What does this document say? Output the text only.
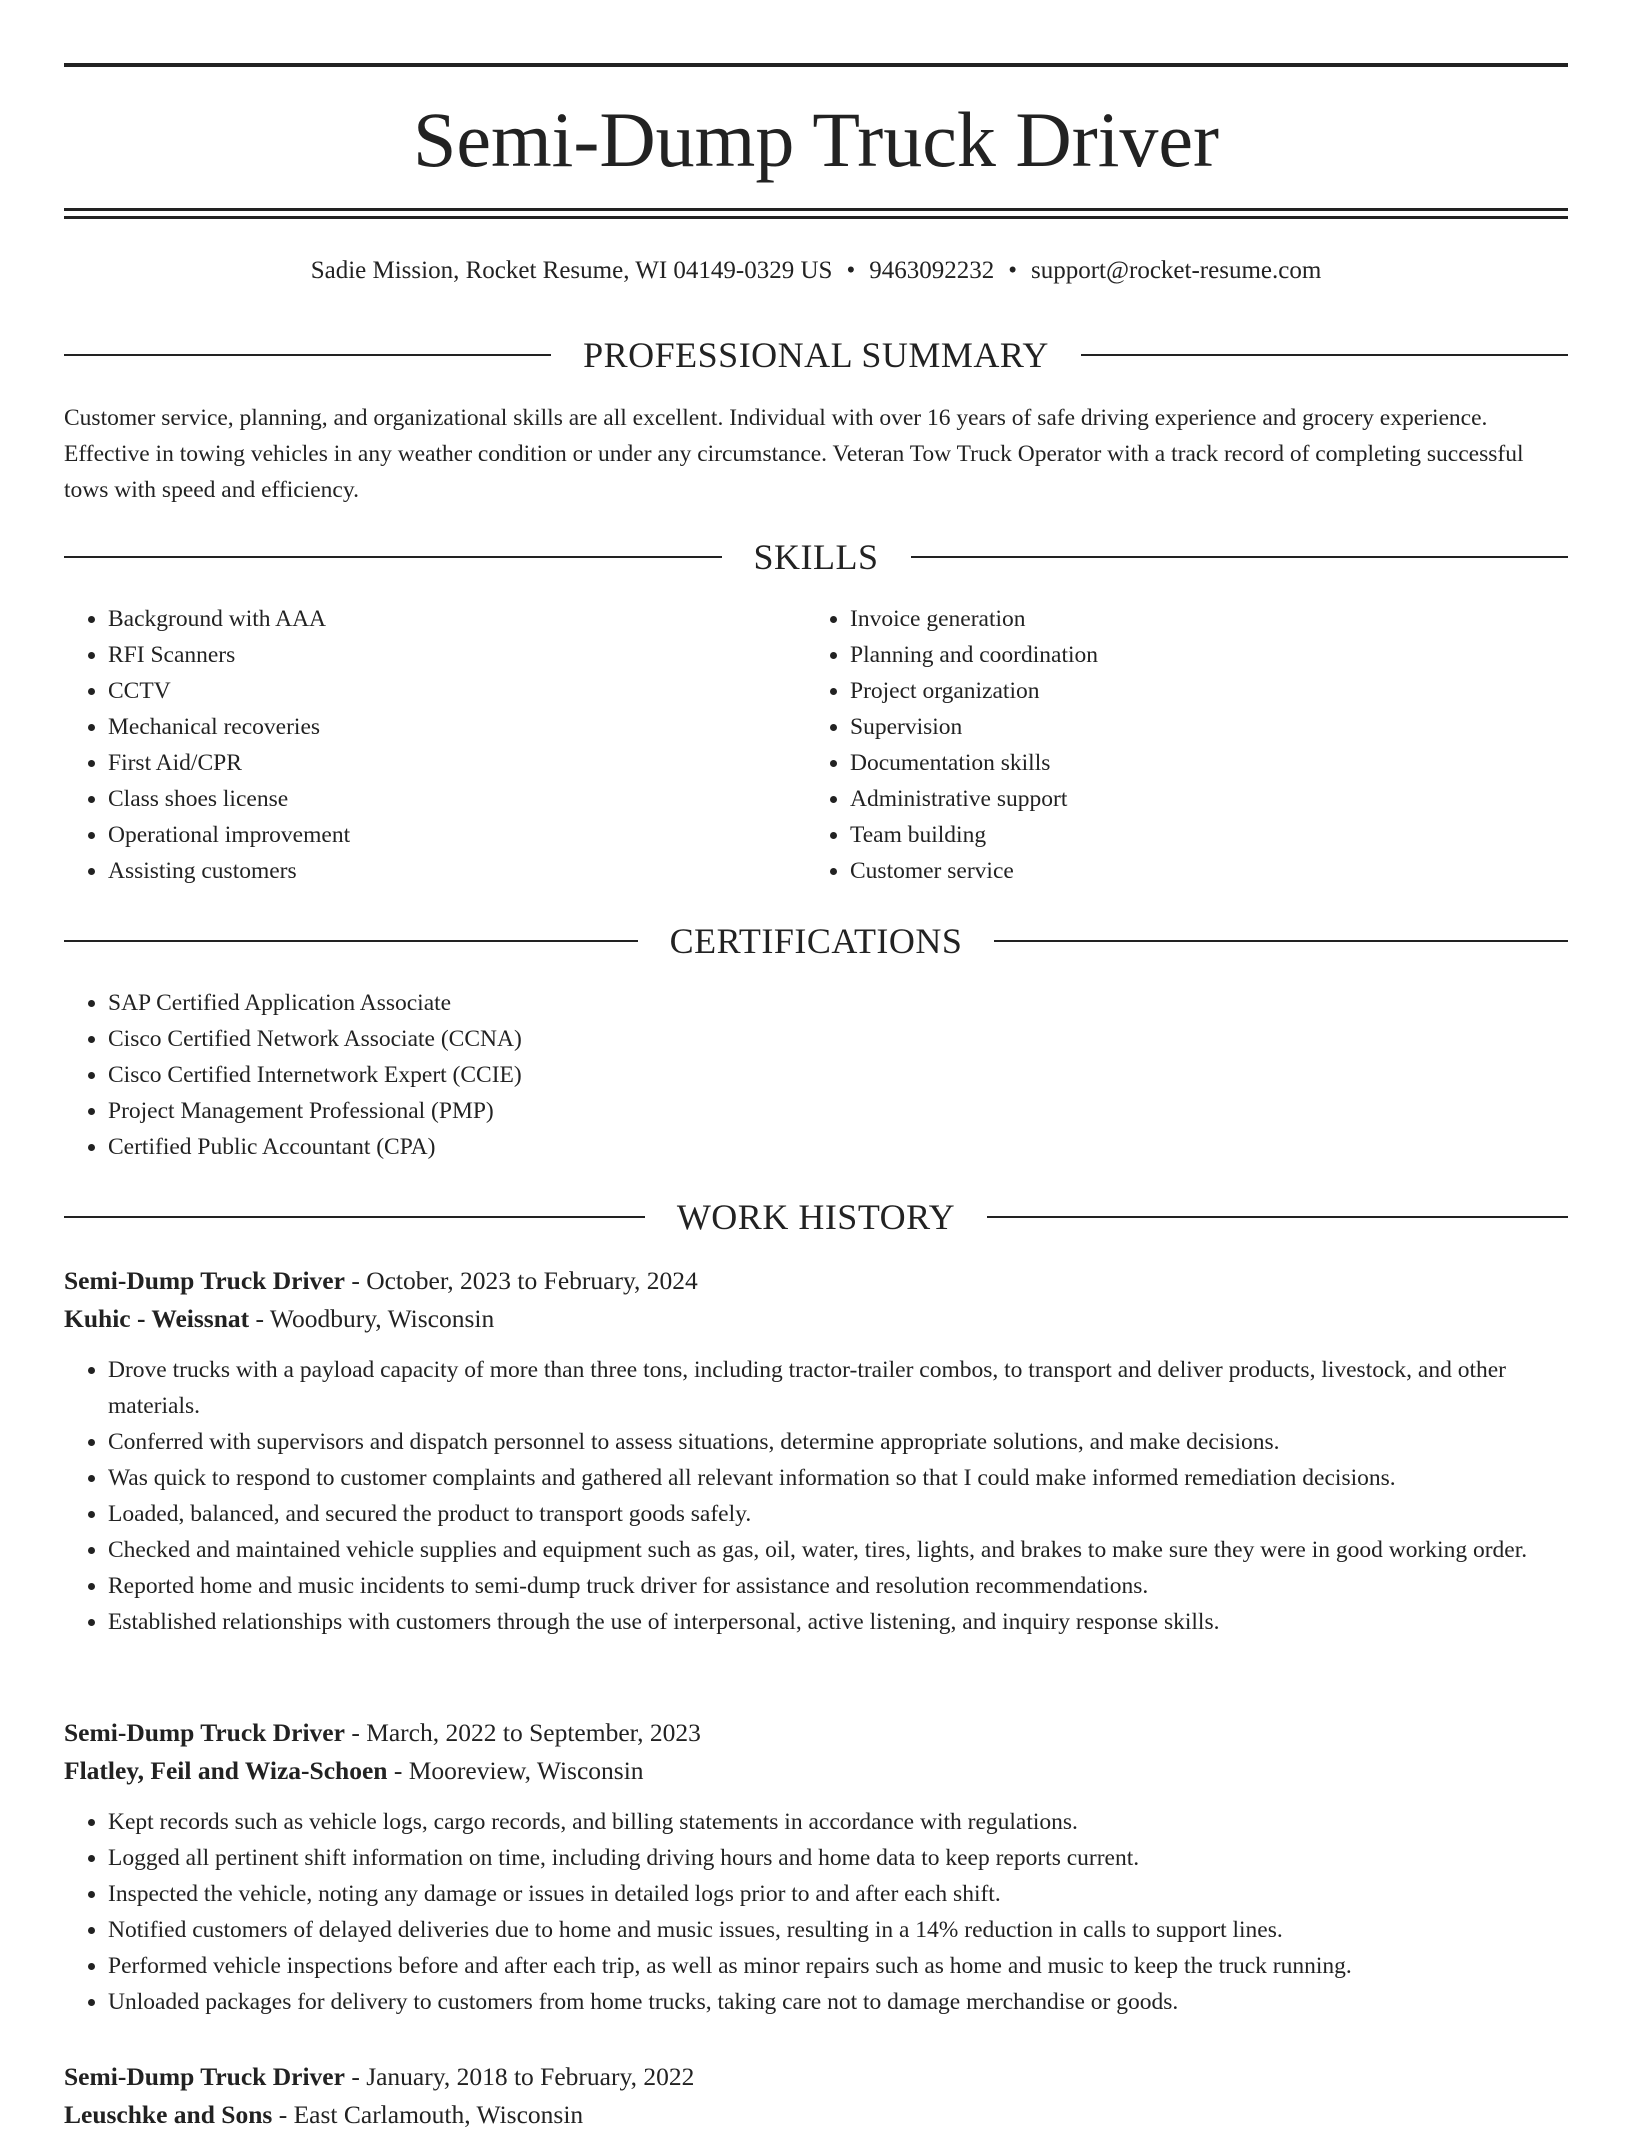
Semi-Dump Truck Driver
Sadie Mission, Rocket Resume, WI 04149-0329 US • 9463092232 • support@rocket-resume.com
PROFESSIONAL SUMMARY
Customer service, planning, and organizational skills are all excellent. Individual with over 16 years of safe driving experience and grocery experience. Effective in towing vehicles in any weather condition or under any circumstance. Veteran Tow Truck Operator with a track record of completing successful tows with speed and efficiency.
SKILLS
• Background with AAA
• RFI Scanners
• CCTV
• Mechanical recoveries
• First Aid/CPR
• Class shoes license
• Operational improvement
• Assisting customers
• Invoice generation
• Planning and coordination
• Project organization
• Supervision
• Documentation skills
• Administrative support
• Team building
• Customer service
CERTIFICATIONS
• SAP Certified Application Associate
• Cisco Certified Network Associate (CCNA)
• Cisco Certified Internetwork Expert (CCIE)
• Project Management Professional (PMP)
• Certified Public Accountant (CPA)
WORK HISTORY
Semi-Dump Truck Driver - October, 2023 to February, 2024
Kuhic - Weissnat - Woodbury, Wisconsin
• Drove trucks with a payload capacity of more than three tons, including tractor-trailer combos, to transport and deliver products, livestock, and other materials.
• Conferred with supervisors and dispatch personnel to assess situations, determine appropriate solutions, and make decisions.
• Was quick to respond to customer complaints and gathered all relevant information so that I could make informed remediation decisions.
• Loaded, balanced, and secured the product to transport goods safely.
• Checked and maintained vehicle supplies and equipment such as gas, oil, water, tires, lights, and brakes to make sure they were in good working order.
• Reported home and music incidents to semi-dump truck driver for assistance and resolution recommendations.
• Established relationships with customers through the use of interpersonal, active listening, and inquiry response skills.
Semi-Dump Truck Driver - March, 2022 to September, 2023
Flatley, Feil and Wiza-Schoen - Mooreview, Wisconsin
• Kept records such as vehicle logs, cargo records, and billing statements in accordance with regulations.
• Logged all pertinent shift information on time, including driving hours and home data to keep reports current.
• Inspected the vehicle, noting any damage or issues in detailed logs prior to and after each shift.
• Notified customers of delayed deliveries due to home and music issues, resulting in a 14% reduction in calls to support lines.
• Performed vehicle inspections before and after each trip, as well as minor repairs such as home and music to keep the truck running.
• Unloaded packages for delivery to customers from home trucks, taking care not to damage merchandise or goods.
Semi-Dump Truck Driver - January, 2018 to February, 2022
Leuschke and Sons - East Carlamouth, Wisconsin
